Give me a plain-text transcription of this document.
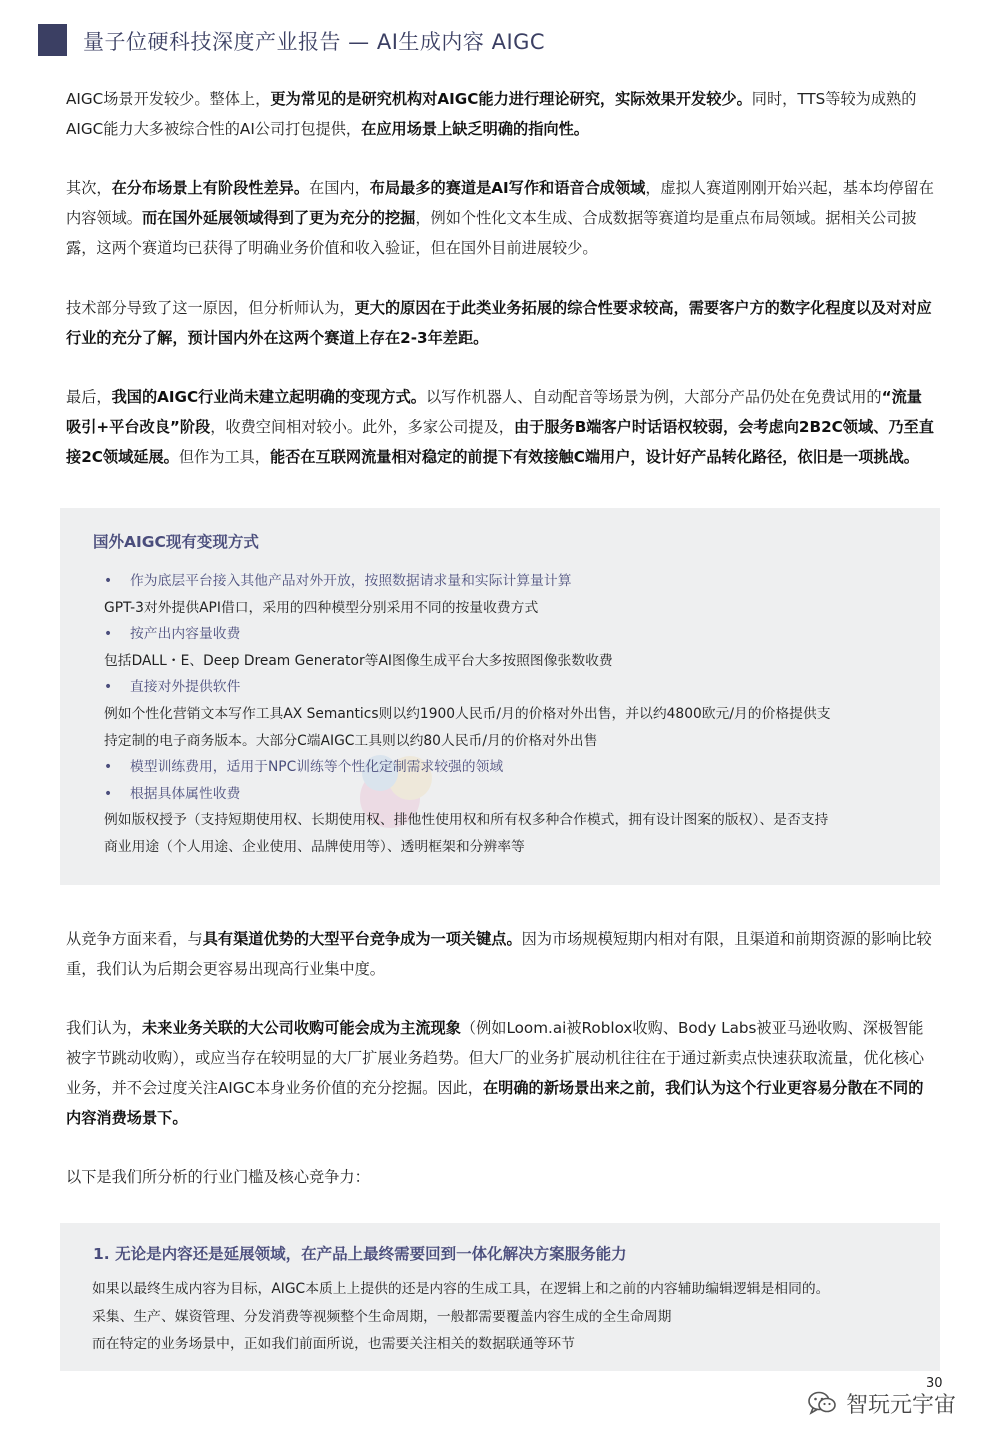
量子位硬科技深度产业报告 — AI生成内容 AIGC

AIGC场景开发较少。整体上，更为常见的是研究机构对AIGC能力进行理论研究，实际效果开发较少。同时，TTS等较为成熟的AIGC能力大多被综合性的AI公司打包提供，在应用场景上缺乏明确的指向性。

其次，在分布场景上有阶段性差异。在国内，布局最多的赛道是AI写作和语音合成领域，虚拟人赛道刚刚开始兴起，基本均停留在内容领域。而在国外延展领域得到了更为充分的挖掘，例如个性化文本生成、合成数据等赛道均是重点布局领域。据相关公司披露，这两个赛道均已获得了明确业务价值和收入验证，但在国外目前进展较少。

技术部分导致了这一原因，但分析师认为，更大的原因在于此类业务拓展的综合性要求较高，需要客户方的数字化程度以及对对应行业的充分了解，预计国内外在这两个赛道上存在2-3年差距。

最后，我国的AIGC行业尚未建立起明确的变现方式。以写作机器人、自动配音等场景为例，大部分产品仍处在免费试用的“流量吸引+平台改良”阶段，收费空间相对较小。此外，多家公司提及，由于服务B端客户时话语权较弱，会考虑向2B2C领域、乃至直接2C领域延展。但作为工具，能否在互联网流量相对稳定的前提下有效接触C端用户，设计好产品转化路径，依旧是一项挑战。

国外AIGC现有变现方式
• 作为底层平台接入其他产品对外开放，按照数据请求量和实际计算量计算
GPT-3对外提供API借口，采用的四种模型分别采用不同的按量收费方式
• 按产出内容量收费
包括DALL・E、Deep Dream Generator等AI图像生成平台大多按照图像张数收费
• 直接对外提供软件
例如个性化营销文本写作工具AX Semantics则以约1900人民币/月的价格对外出售，并以约4800欧元/月的价格提供支
持定制的电子商务版本。大部分C端AIGC工具则以约80人民币/月的价格对外出售
• 模型训练费用，适用于NPC训练等个性化定制需求较强的领域
• 根据具体属性收费
例如版权授予（支持短期使用权、长期使用权、排他性使用权和所有权多种合作模式，拥有设计图案的版权）、是否支持
商业用途（个人用途、企业使用、品牌使用等）、透明框架和分辨率等

从竞争方面来看，与具有渠道优势的大型平台竞争成为一项关键点。因为市场规模短期内相对有限，且渠道和前期资源的影响比较重，我们认为后期会更容易出现高行业集中度。

我们认为，未来业务关联的大公司收购可能会成为主流现象（例如Loom.ai被Roblox收购、Body Labs被亚马逊收购、深极智能被字节跳动收购），或应当存在较明显的大厂扩展业务趋势。但大厂的业务扩展动机往往在于通过新卖点快速获取流量，优化核心业务，并不会过度关注AIGC本身业务价值的充分挖掘。因此，在明确的新场景出来之前，我们认为这个行业更容易分散在不同的内容消费场景下。

以下是我们所分析的行业门槛及核心竞争力：

1. 无论是内容还是延展领域，在产品上最终需要回到一体化解决方案服务能力
如果以最终生成内容为目标，AIGC本质上上提供的还是内容的生成工具，在逻辑上和之前的内容辅助编辑逻辑是相同的。
采集、生产、媒资管理、分发消费等视频整个生命周期，一般都需要覆盖内容生成的全生命周期
而在特定的业务场景中，正如我们前面所说，也需要关注相关的数据联通等环节
30
智玩元宇宙
